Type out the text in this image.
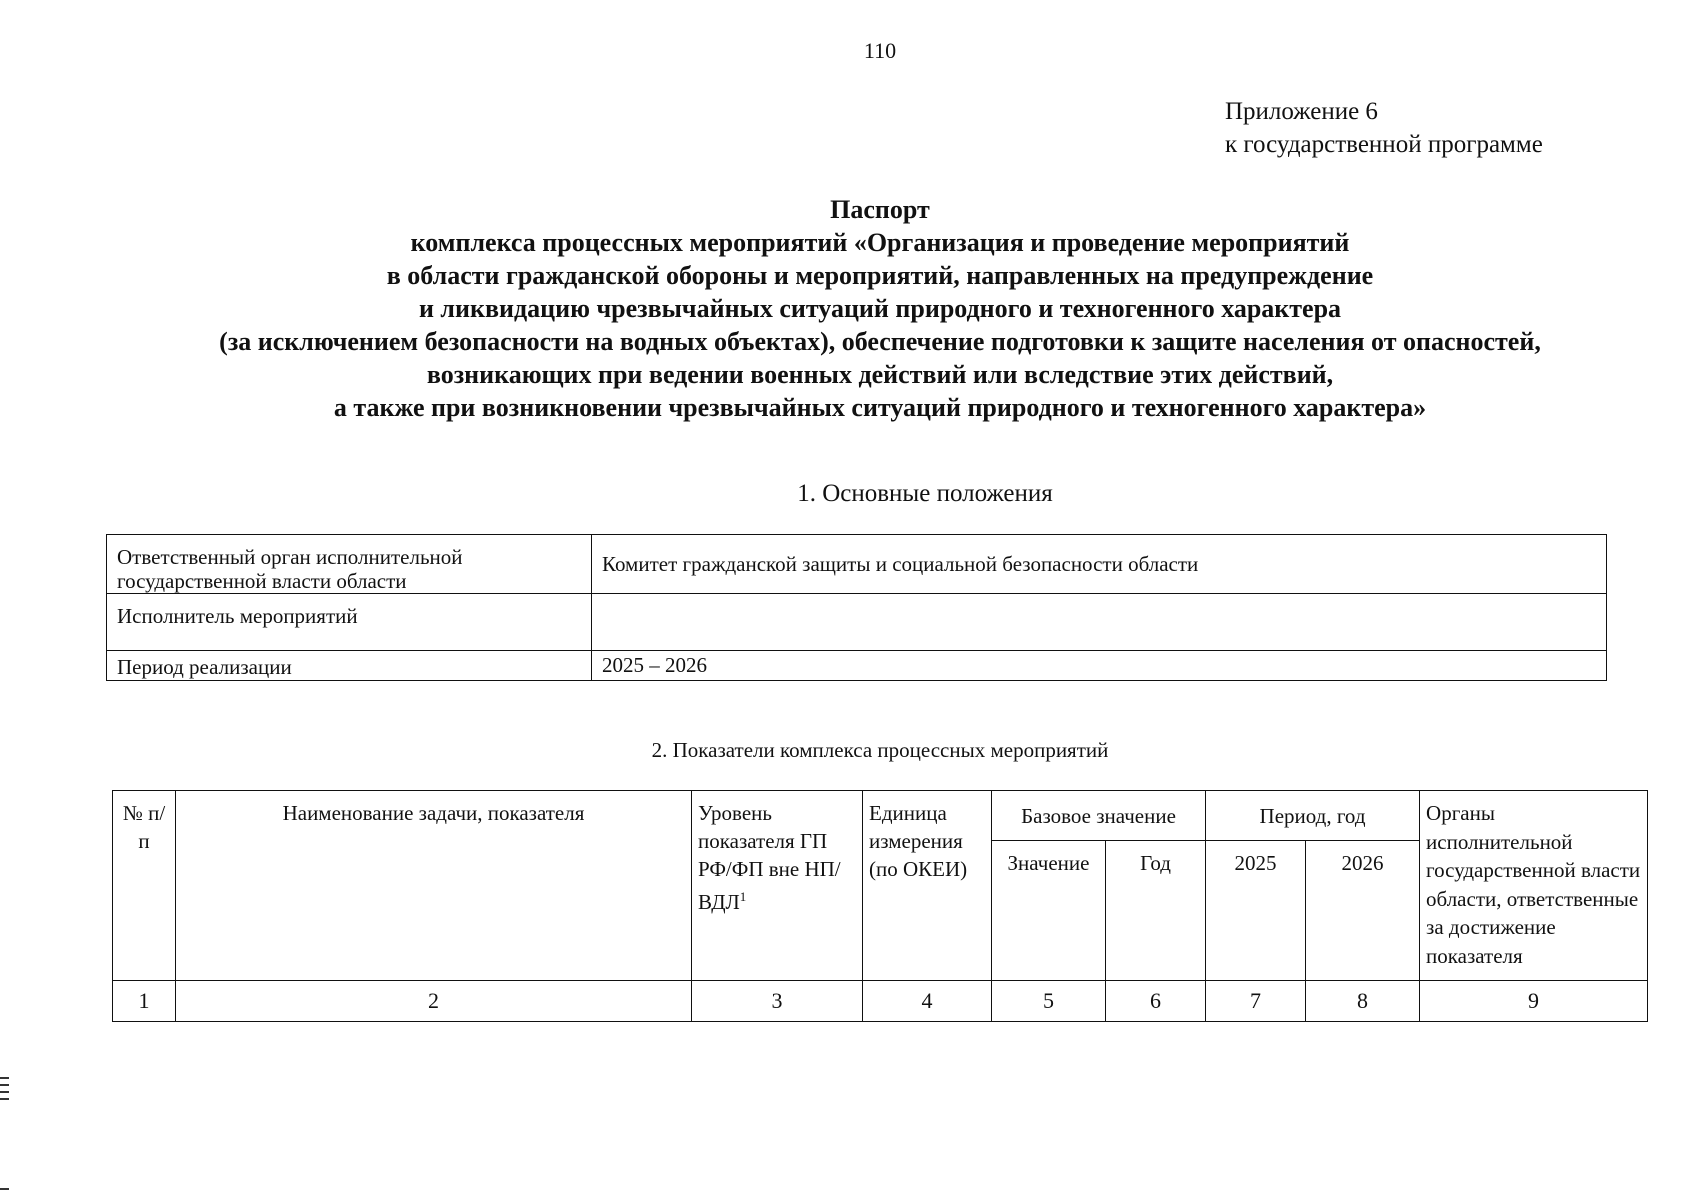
110
Приложение 6
к государственной программе
Паспорт
комплекса процессных мероприятий «Организация и проведение мероприятий
в области гражданской обороны и мероприятий, направленных на предупреждение
и ликвидацию чрезвычайных ситуаций природного и техногенного характера
(за исключением безопасности на водных объектах), обеспечение подготовки к защите населения от опасностей,
возникающих при ведении военных действий или вследствие этих действий,
а также при возникновении чрезвычайных ситуаций природного и техногенного характера»
1. Основные положения
Ответственный орган исполнительной государственной власти области	Комитет гражданской защиты и социальной безопасности области
Исполнитель мероприятий	
Период реализации	2025 – 2026
2. Показатели комплекса процессных мероприятий
№ п/п	Наименование задачи, показателя	Уровень показателя ГП РФ/ФП вне НП/ВДЛ$^1$	Единица измерения (по ОКЕИ)	Базовое значение		Период, год		Органы исполнительной государственной власти области, ответственные за достижение показателя
				Значение	Год	2025	2026	
1	2	3	4	5	6	7	8	9
